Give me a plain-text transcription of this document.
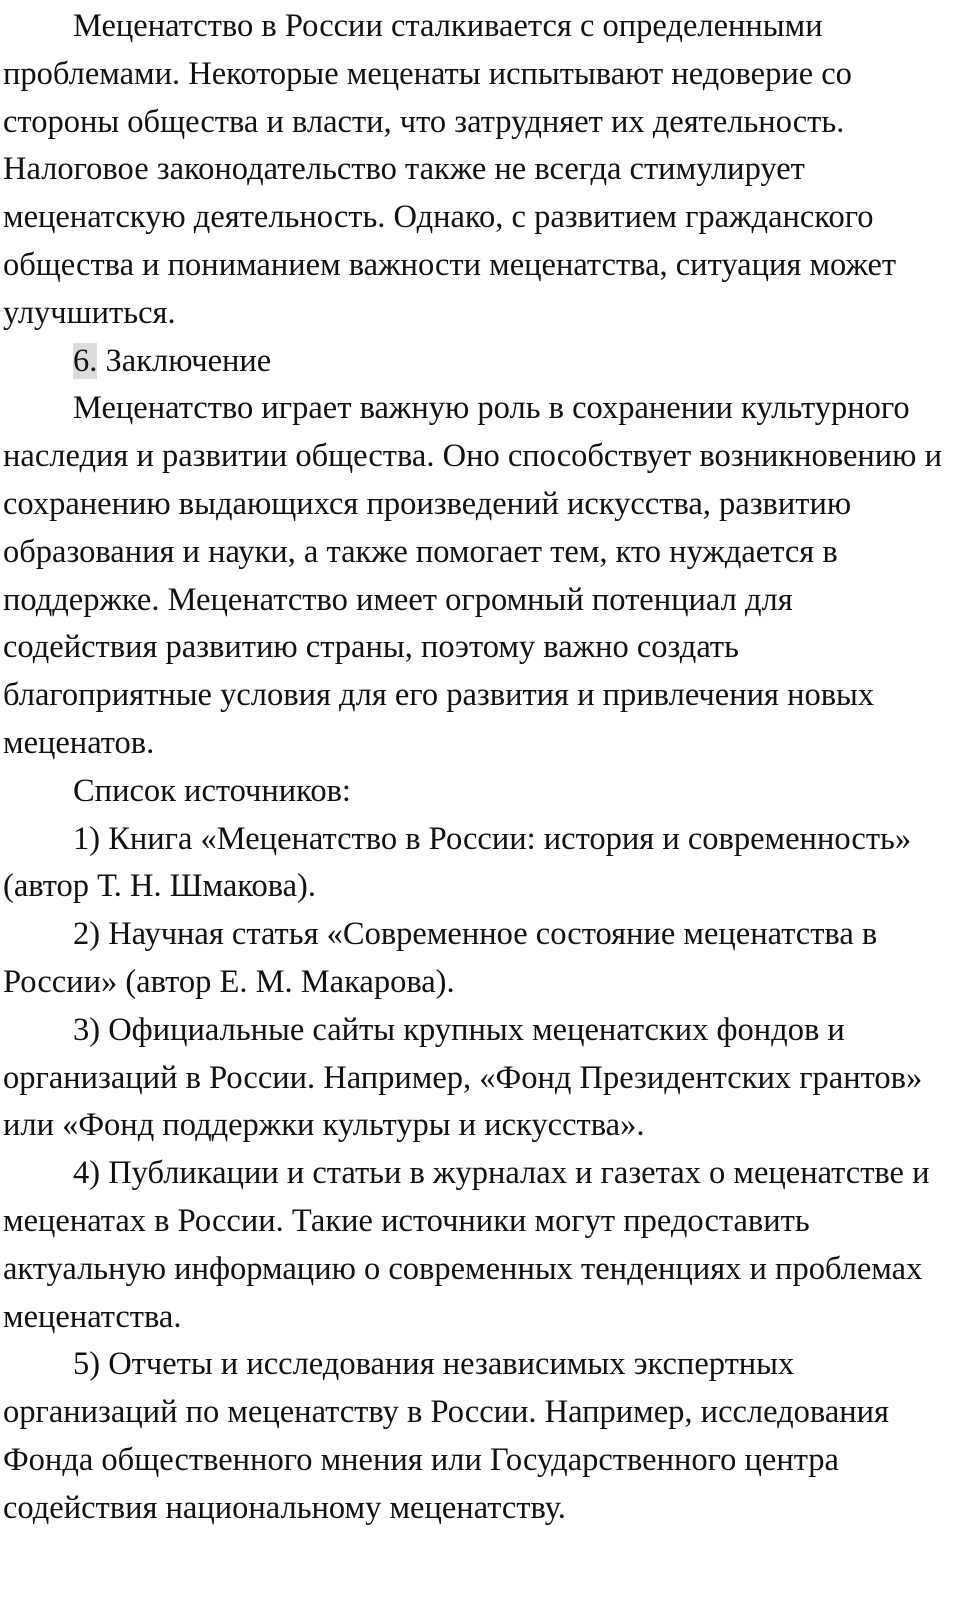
Меценатство в России сталкивается с определенными проблемами. Некоторые меценаты испытывают недоверие со стороны общества и власти, что затрудняет их деятельность. Налоговое законодательство также не всегда стимулирует меценатскую деятельность. Однако, с развитием гражданского общества и пониманием важности меценатства, ситуация может улучшиться.

6. Заключение

Меценатство играет важную роль в сохранении культурного наследия и развитии общества. Оно способствует возникновению и сохранению выдающихся произведений искусства, развитию образования и науки, а также помогает тем, кто нуждается в поддержке. Меценатство имеет огромный потенциал для содействия развитию страны, поэтому важно создать благоприятные условия для его развития и привлечения новых меценатов.

Список источников:

1) Книга «Меценатство в России: история и современность» (автор Т. Н. Шмакова).

2) Научная статья «Современное состояние меценатства в России» (автор Е. М. Макарова).

3) Официальные сайты крупных меценатских фондов и организаций в России. Например, «Фонд Президентских грантов» или «Фонд поддержки культуры и искусства».

4) Публикации и статьи в журналах и газетах о меценатстве и меценатах в России. Такие источники могут предоставить актуальную информацию о современных тенденциях и проблемах меценатства.

5) Отчеты и исследования независимых экспертных организаций по меценатству в России. Например, исследования Фонда общественного мнения или Государственного центра содействия национальному меценатству.
